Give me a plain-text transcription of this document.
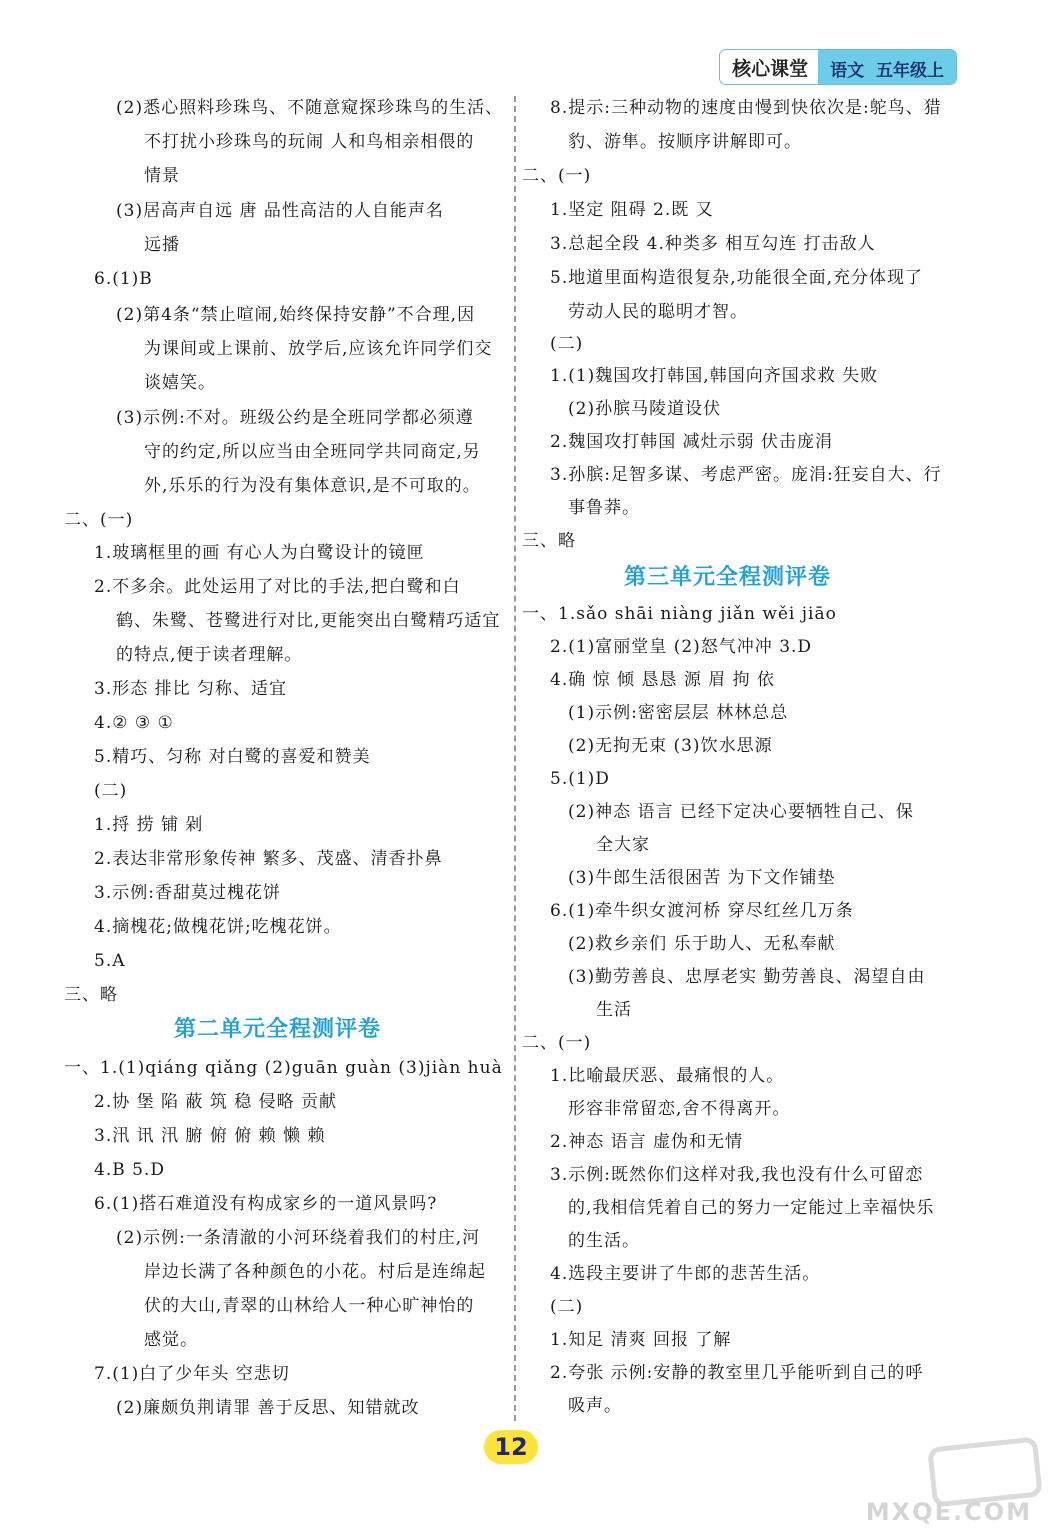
核心课堂	语文 五年级上
(2)悉心照料珍珠鸟、不随意窥探珍珠鸟的生活、
不打扰小珍珠鸟的玩闹 人和鸟相亲相偎的
情景
(3)居高声自远 唐 品性高洁的人自能声名
远播
6.(1)B
(2)第4条“禁止喧闹,始终保持安静”不合理,因
为课间或上课前、放学后,应该允许同学们交
谈嬉笑。
(3)示例:不对。班级公约是全班同学都必须遵
守的约定,所以应当由全班同学共同商定,另
外,乐乐的行为没有集体意识,是不可取的。
二、(一)
1.玻璃框里的画 有心人为白鹭设计的镜匣
2.不多余。此处运用了对比的手法,把白鹭和白
鹤、朱鹭、苍鹭进行对比,更能突出白鹭精巧适宜
的特点,便于读者理解。
3.形态 排比 匀称、适宜
4.② ③ ①
5.精巧、匀称 对白鹭的喜爱和赞美
(二)
1.捋 捞 铺 剁
2.表达非常形象传神 繁多、茂盛、清香扑鼻
3.示例:香甜莫过槐花饼
4.摘槐花;做槐花饼;吃槐花饼。
5.A
三、略
第二单元全程测评卷
一、1.(1)qiáng qiǎng (2)guān guàn (3)jiàn huà
2.协 堡 陷 蔽 筑 稳 侵略 贡献
3.汛 讯 汛 腑 俯 俯 赖 懒 赖
4.B 5.D
6.(1)搭石难道没有构成家乡的一道风景吗?
(2)示例:一条清澈的小河环绕着我们的村庄,河
岸边长满了各种颜色的小花。村后是连绵起
伏的大山,青翠的山林给人一种心旷神怡的
感觉。
7.(1)白了少年头 空悲切
(2)廉颇负荆请罪 善于反思、知错就改
8.提示:三种动物的速度由慢到快依次是:鸵鸟、猎
豹、游隼。按顺序讲解即可。
二、(一)
1.坚定 阻碍 2.既 又
3.总起全段 4.种类多 相互勾连 打击敌人
5.地道里面构造很复杂,功能很全面,充分体现了
劳动人民的聪明才智。
(二)
1.(1)魏国攻打韩国,韩国向齐国求救 失败
(2)孙膑马陵道设伏
2.魏国攻打韩国 减灶示弱 伏击庞涓
3.孙膑:足智多谋、考虑严密。庞涓:狂妄自大、行
事鲁莽。
三、略
第三单元全程测评卷
一、1.sǎo shāi niàng jiǎn wěi jiāo
2.(1)富丽堂皇 (2)怒气冲冲 3.D
4.确 惊 倾 恳恳 源 眉 拘 依
(1)示例:密密层层 林林总总
(2)无拘无束 (3)饮水思源
5.(1)D
(2)神态 语言 已经下定决心要牺牲自己、保
全大家
(3)牛郎生活很困苦 为下文作铺垫
6.(1)牵牛织女渡河桥 穿尽红丝几万条
(2)救乡亲们 乐于助人、无私奉献
(3)勤劳善良、忠厚老实 勤劳善良、渴望自由
生活
二、(一)
1.比喻最厌恶、最痛恨的人。
形容非常留恋,舍不得离开。
2.神态 语言 虚伪和无情
3.示例:既然你们这样对我,我也没有什么可留恋
的,我相信凭着自己的努力一定能过上幸福快乐
的生活。
4.选段主要讲了牛郎的悲苦生活。
(二)
1.知足 清爽 回报 了解
2.夸张 示例:安静的教室里几乎能听到自己的呼
吸声。
12
MXQE.COM
